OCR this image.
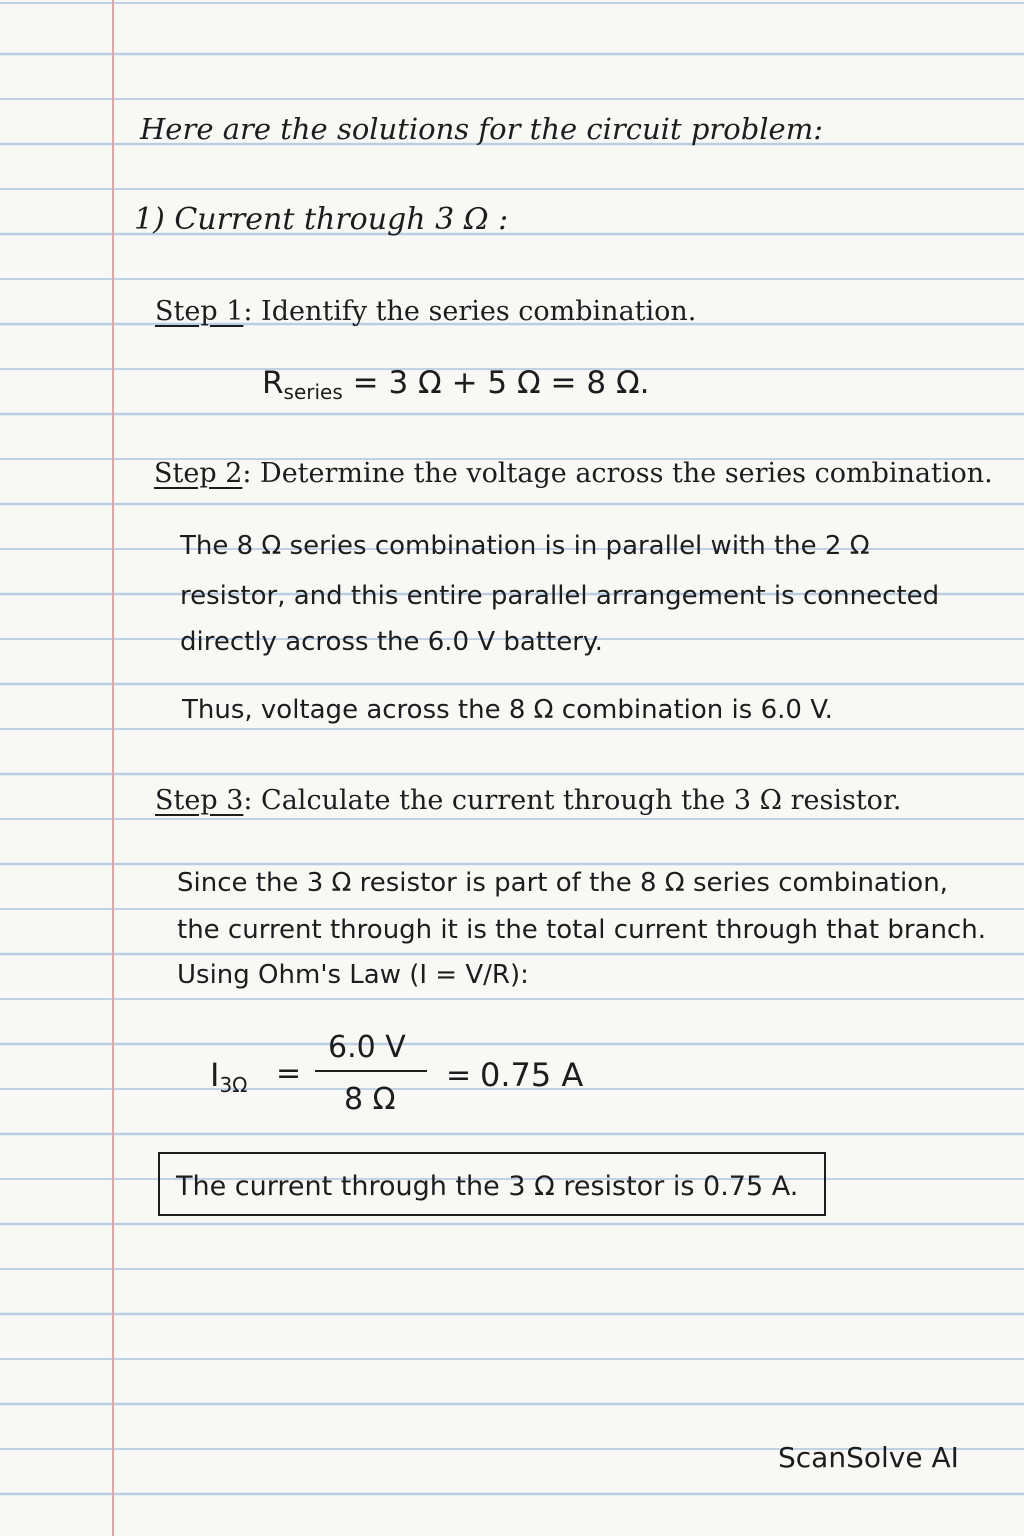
Here are the solutions for the circuit problem:
1) Current through 3 Ω :
Step 1: Identify the series combination.
$R_{series} = 3$ Ω + 5 Ω = 8 Ω.
Step 2: Determine the voltage across the series combination.
The 8 Ω series combination is in parallel with the 2 Ω
resistor, and this entire parallel arrangement is connected
directly across the 6.0 V battery.
Thus, voltage across the 8 Ω combination is 6.0 V.
Step 3: Calculate the current through the 3 Ω resistor.
Since the 3 Ω resistor is part of the 8 Ω series combination,
the current through it is the total current through that branch.
Using Ohm's Law (I = V/R):
$I_{3\Omega}$ =
6.0 V
8 Ω
= 0.75 A
The current through the 3 Ω resistor is 0.75 A.
ScanSolve AI
